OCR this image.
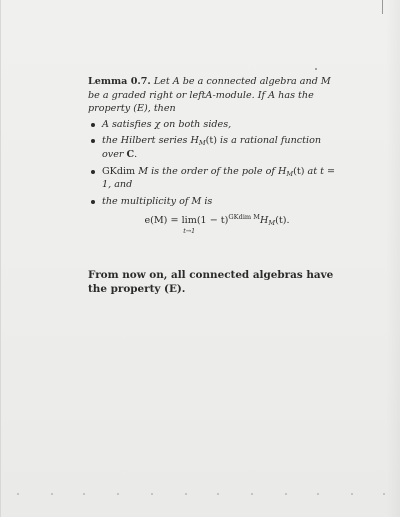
Lemma 0.7. Let A be a connected algebra and M be a graded right or leftA-module. If A has the property (E), then
A satisfies χ on both sides,
the Hilbert series $H_M(t)$ is a rational function over C.
GKdim M is the order of the pole of $H_M(t)$ at t = 1, and
the multiplicity of M is
e(M) = lim
t→1
$(1 - t)^{GKdim M}H_M(t)$.
From now on, all connected algebras have the property (E).
